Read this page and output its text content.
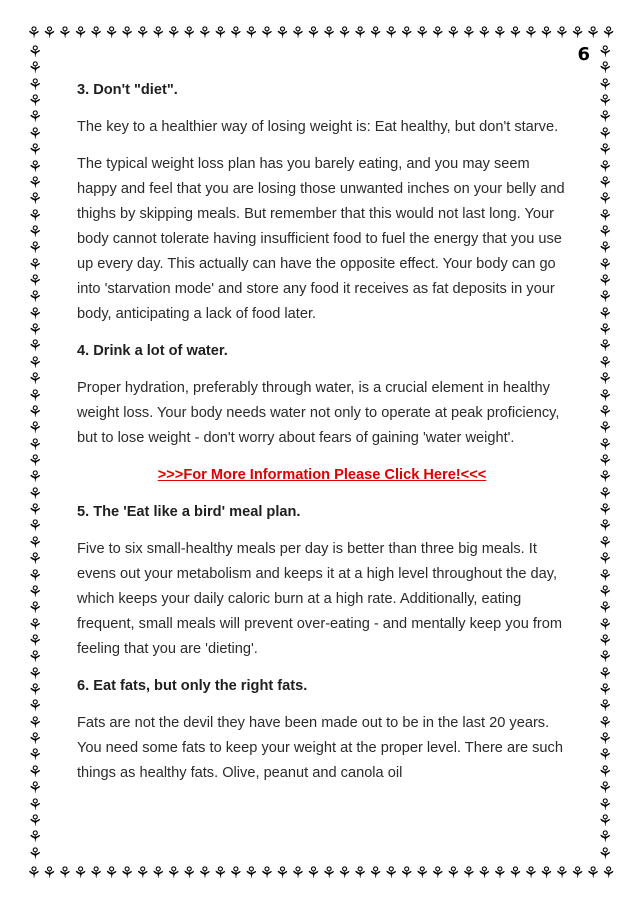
⚘ ⚘ ⚘ ⚘ ⚘ ⚘ ⚘ ⚘ ⚘ ⚘ ⚘ ⚘ ⚘ ⚘ ⚘ ⚘ ⚘ ⚘ ⚘ ⚘ ⚘ ⚘ ⚘ ⚘ ⚘ ⚘ ⚘ ⚘ ⚘ ⚘ ⚘ ⚘ ⚘ ⚘ ⚘ ⚘ ⚘ ⚘
⚘ ⚘ ⚘ ⚘ ⚘ ⚘ ⚘ ⚘ ⚘ ⚘ ⚘ ⚘ ⚘ ⚘ ⚘ ⚘ ⚘ ⚘ ⚘ ⚘ ⚘ ⚘ ⚘ ⚘ ⚘ ⚘ ⚘ ⚘ ⚘ ⚘ ⚘ ⚘ ⚘ ⚘ ⚘ ⚘ ⚘ ⚘
⚘
⚘
⚘
⚘
⚘
⚘
⚘
⚘
⚘
⚘
⚘
⚘
⚘
⚘
⚘
⚘
⚘
⚘
⚘
⚘
⚘
⚘
⚘
⚘
⚘
⚘
⚘
⚘
⚘
⚘
⚘
⚘
⚘
⚘
⚘
⚘
⚘
⚘
⚘
⚘
⚘
⚘
⚘
⚘
⚘
⚘
⚘
⚘
⚘
⚘
⚘
⚘
⚘
⚘
⚘
⚘
⚘
⚘
⚘
⚘
⚘
⚘
⚘
⚘
⚘
⚘
⚘
⚘
⚘
⚘
⚘
⚘
⚘
⚘
⚘
⚘
⚘
⚘
⚘
⚘
⚘
⚘
⚘
⚘
⚘
⚘
⚘
⚘
⚘
⚘
⚘
⚘
⚘
⚘
⚘
⚘
⚘
⚘
⚘
⚘
6
3. Don't "diet".

The key to a healthier way of losing weight is: Eat healthy, but don't starve.

The typical weight loss plan has you barely eating, and you may seem happy and feel that you are losing those unwanted inches on your belly and thighs by skipping meals. But remember that this would not last long. Your body cannot tolerate having insufficient food to fuel the energy that you use up every day. This actually can have the opposite effect. Your body can go into 'starvation mode' and store any food it receives as fat deposits in your body, anticipating a lack of food later.

4. Drink a lot of water.

Proper hydration, preferably through water, is a crucial element in healthy weight loss. Your body needs water not only to operate at peak proficiency, but to lose weight - don't worry about fears of gaining 'water weight'.

>>>For More Information Please Click Here!<<<
5. The 'Eat like a bird' meal plan.

Five to six small-healthy meals per day is better than three big meals. It evens out your metabolism and keeps it at a high level throughout the day, which keeps your daily caloric burn at a high rate. Additionally, eating frequent, small meals will prevent over-eating - and mentally keep you from feeling that you are 'dieting'.

6. Eat fats, but only the right fats.

Fats are not the devil they have been made out to be in the last 20 years. You need some fats to keep your weight at the proper level. There are such things as healthy fats. Olive, peanut and canola oil
